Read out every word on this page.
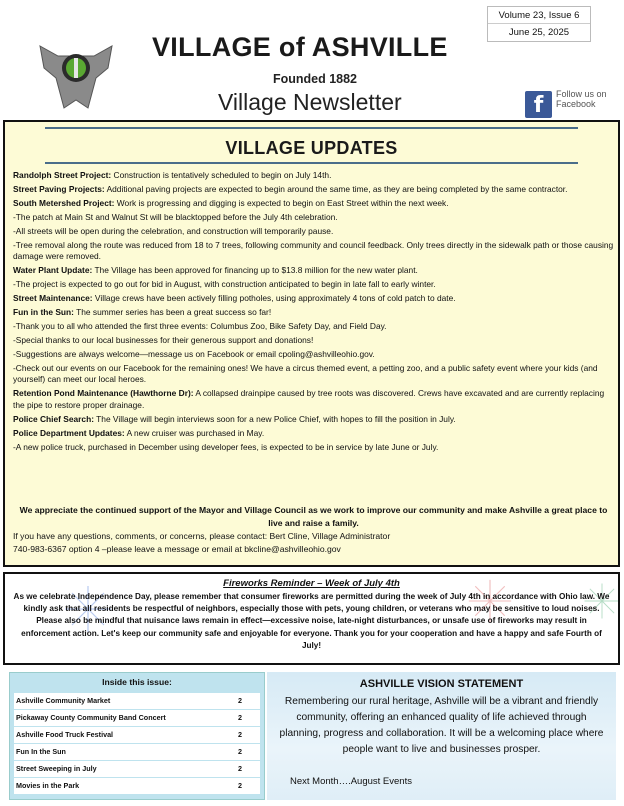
Volume 23, Issue 6
June 25, 2025
VILLAGE of ASHVILLE
Founded 1882
Village Newsletter	f	Follow us on Facebook
VILLAGE UPDATES

Randolph Street Project: Construction is tentatively scheduled to begin on July 14th.

Street Paving Projects: Additional paving projects are expected to begin around the same time, as they are being completed by the same contractor.

South Metershed Project: Work is progressing and digging is expected to begin on East Street within the next week.

-The patch at Main St and Walnut St will be blacktopped before the July 4th celebration.

-All streets will be open during the celebration, and construction will temporarily pause.

-Tree removal along the route was reduced from 18 to 7 trees, following community and council feedback. Only trees directly in the sidewalk path or those causing damage were removed.

Water Plant Update: The Village has been approved for financing up to $13.8 million for the new water plant.

-The project is expected to go out for bid in August, with construction anticipated to begin in late fall to early winter.

Street Maintenance: Village crews have been actively filling potholes, using approximately 4 tons of cold patch to date.

Fun in the Sun: The summer series has been a great success so far!

-Thank you to all who attended the first three events: Columbus Zoo, Bike Safety Day, and Field Day.

-Special thanks to our local businesses for their generous support and donations!

-Suggestions are always welcome—message us on Facebook or email cpoling@ashvilleohio.gov.

-Check out our events on our Facebook for the remaining ones! We have a circus themed event, a petting zoo, and a public safety event where your kids (and yourself) can meet our local heroes.

Retention Pond Maintenance (Hawthorne Dr): A collapsed drainpipe caused by tree roots was discovered. Crews have excavated and are currently replacing the pipe to restore proper drainage.

Police Chief Search: The Village will begin interviews soon for a new Police Chief, with hopes to fill the position in July.

Police Department Updates: A new cruiser was purchased in May.

-A new police truck, purchased in December using developer fees, is expected to be in service by late June or July.

We appreciate the continued support of the Mayor and Village Council as we work to improve our community and make Ashville a great place to live and raise a family.
If you have any questions, comments, or concerns, please contact: Bert Cline, Village Administrator
740-983-6367 option 4 –please leave a message or email at bkcline@ashvilleohio.gov
Fireworks Reminder – Week of July 4th
As we celebrate Independence Day, please remember that consumer fireworks are permitted during the week of July 4th in accordance with Ohio law. We kindly ask that all residents be respectful of neighbors, especially those with pets, young children, or veterans who may be sensitive to loud noises. Please also be mindful that nuisance laws remain in effect—excessive noise, late-night disturbances, or unsafe use of fireworks may result in enforcement action. Let's keep our community safe and enjoyable for everyone. Thank you for your cooperation and have a happy and safe Fourth of July!
Inside this issue:
Ashville Community Market	2
Pickaway County Community Band Concert	2
Ashville Food Truck Festival	2
Fun In the Sun	2
Street Sweeping in July	2
Movies in the Park	2
ASHVILLE VISION STATEMENT
Remembering our rural heritage, Ashville will be a vibrant and friendly community, offering an enhanced quality of life achieved through planning, progress and collaboration. It will be a welcoming place where people want to live and businesses prosper.
Next Month….August Events
